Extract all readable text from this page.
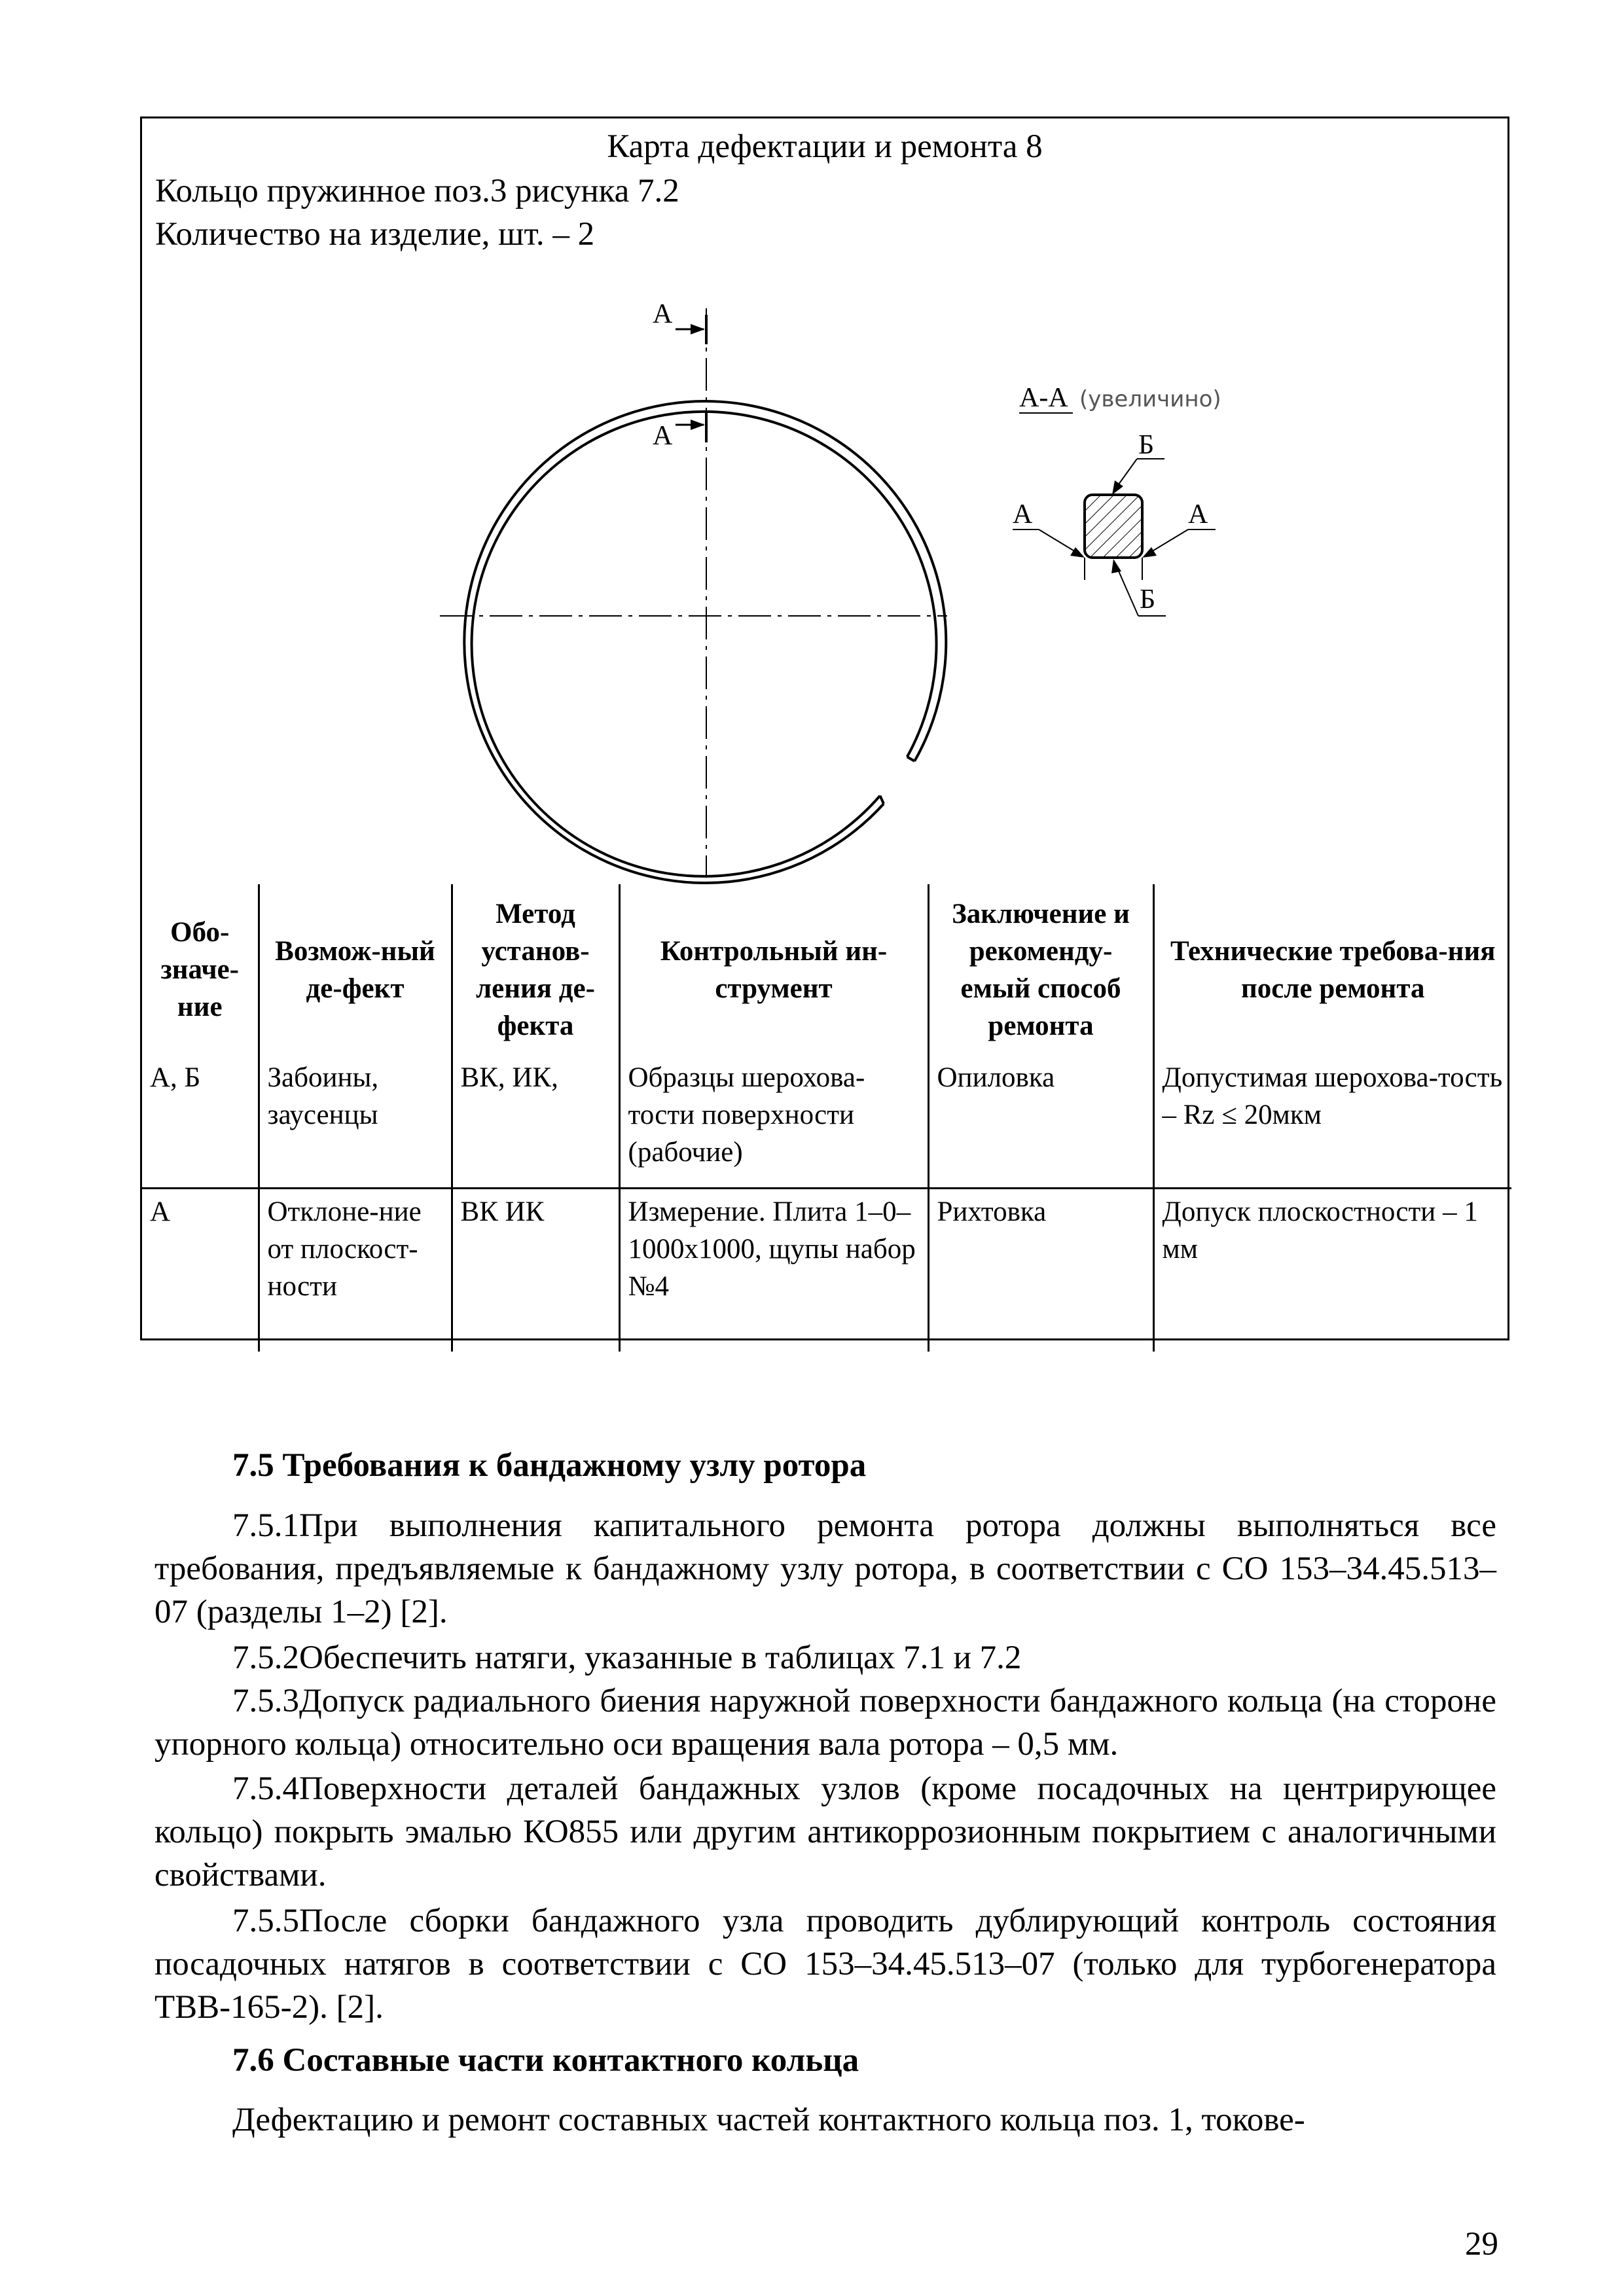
Карта дефектации и ремонта 8
Кольцо пружинное поз.3 рисунка 7.2
Количество на изделие, шт. – 2
А
А
А-А (увеличино)
Б
Б
А	А
Обо-значе-ние	Возмож-ный де-фект	Метод установ-ления де-фекта	Контрольный ин-струмент	Заключение и рекоменду-емый способ ремонта	Технические требова-ния после ремонта
А, Б	Забоины, заусенцы	ВК, ИК,	Образцы шерохова-тости поверхности (рабочие)	Опиловка	Допустимая шерохова-тость – Rz ≤ 20мкм
А	Отклоне-ние от плоскост-ности	ВК ИК	Измерение. Плита 1–0– 1000х1000, щупы набор №4	Рихтовка	Допуск плоскостности – 1 мм
7.5 Требования к бандажному узлу ротора
7.5.1При выполнения капитального ремонта ротора должны выполняться все требования, предъявляемые к бандажному узлу ротора, в соответствии с СО 153–34.45.513–07 (разделы 1–2) [2].
7.5.2Обеспечить натяги, указанные в таблицах 7.1 и 7.2
7.5.3Допуск радиального биения наружной поверхности бандажного кольца (на стороне упорного кольца) относительно оси вращения вала ротора – 0,5 мм.
7.5.4Поверхности деталей бандажных узлов (кроме посадочных на центрирующее кольцо) покрыть эмалью КО855 или другим антикоррозионным покрытием с аналогичными свойствами.
7.5.5После сборки бандажного узла проводить дублирующий контроль состояния посадочных натягов в соответствии с СО 153–34.45.513–07 (только для турбогенератора ТВВ-165-2). [2].
7.6 Составные части контактного кольца
Дефектацию и ремонт составных частей контактного кольца поз. 1, токове-
29
